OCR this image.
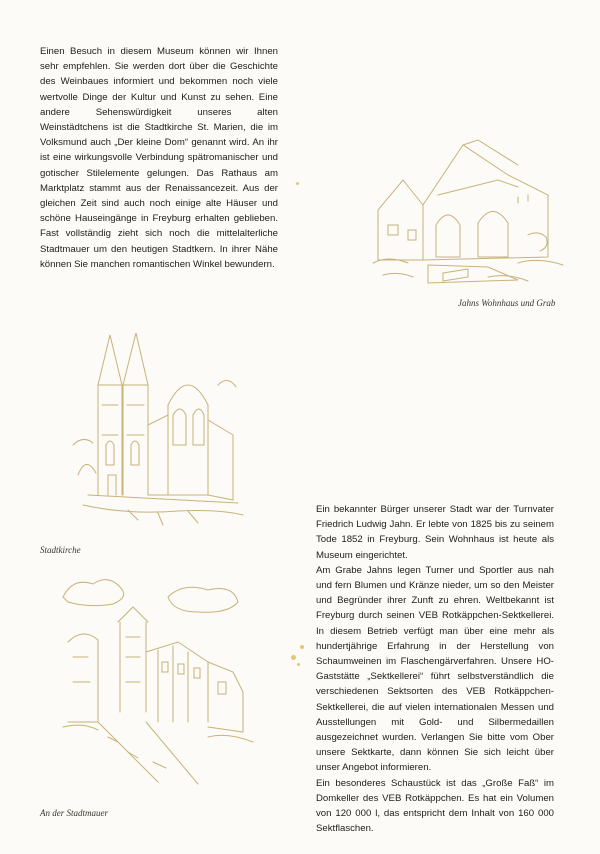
Einen Besuch in diesem Museum können wir Ihnen sehr empfehlen. Sie werden dort über die Geschichte des Weinbaues informiert und bekommen noch viele wertvolle Dinge der Kultur und Kunst zu sehen. Eine andere Sehenswürdigkeit unseres alten Weinstädtchens ist die Stadtkirche St. Marien, die im Volksmund auch „Der kleine Dom“ genannt wird. An ihr ist eine wirkungsvolle Verbindung spätromanischer und gotischer Stilelemente gelungen. Das Rathaus am Marktplatz stammt aus der Renaissancezeit. Aus der gleichen Zeit sind auch noch einige alte Häuser und schöne Hauseingänge in Freyburg erhalten geblieben. Fast vollständig zieht sich noch die mittelalterliche Stadtmauer um den heutigen Stadtkern. In ihrer Nähe können Sie manchen romantischen Winkel bewundern.

Jahns Wohnhaus und Grab
Stadtkirche
An der Stadtmauer

Ein bekannter Bürger unserer Stadt war der Turnvater Friedrich Ludwig Jahn. Er lebte von 1825 bis zu seinem Tode 1852 in Freyburg. Sein Wohnhaus ist heute als Museum eingerichtet.

Am Grabe Jahns legen Turner und Sportler aus nah und fern Blumen und Kränze nieder, um so den Meister und Begründer ihrer Zunft zu ehren. Weltbekannt ist Freyburg durch seinen VEB Rotkäppchen-Sektkellerei. In diesem Betrieb verfügt man über eine mehr als hundertjährige Erfahrung in der Herstellung von Schaumweinen im Flaschengärverfahren. Unsere HO-Gaststätte „Sektkellerei“ führt selbstverständlich die verschiedenen Sektsorten des VEB Rotkäppchen-Sektkellerei, die auf vielen internationalen Messen und Ausstellungen mit Gold- und Silbermedaillen ausgezeichnet wurden. Verlangen Sie bitte vom Ober unsere Sektkarte, dann können Sie sich leicht über unser Angebot informieren.

Ein besonderes Schaustück ist das „Große Faß“ im Domkeller des VEB Rotkäppchen. Es hat ein Volumen von 120 000 l, das entspricht dem Inhalt von 160 000 Sektflaschen.
